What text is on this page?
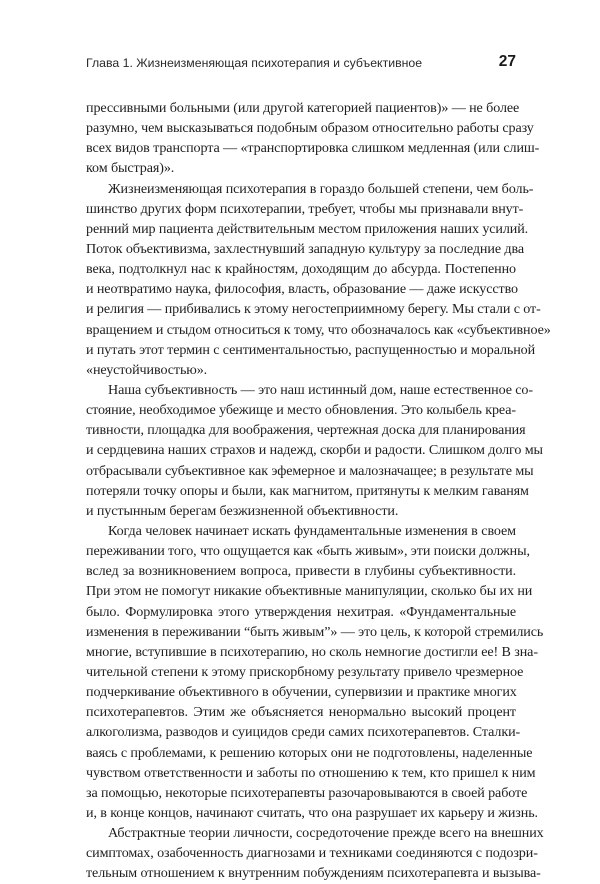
Глава 1. Жизнеизменяющая психотерапия и субъективное	27
прессивными больными (или другой категорией пациентов)» — не более
разумно, чем высказываться подобным образом относительно работы сразу
всех видов транспорта — «транспортировка слишком медленная (или слиш-
ком быстрая)».
Жизнеизменяющая психотерапия в гораздо большей степени, чем боль-
шинство других форм психотерапии, требует, чтобы мы признавали внут-
ренний мир пациента действительным местом приложения наших усилий.
Поток объективизма, захлестнувший западную культуру за последние два
века, подтолкнул нас к крайностям, доходящим до абсурда. Постепенно
и неотвратимо наука, философия, власть, образование — даже искусство
и религия — прибивались к этому негостеприимному берегу. Мы стали с от-
вращением и стыдом относиться к тому, что обозначалось как «субъективное»
и путать этот термин с сентиментальностью, распущенностью и моральной
«неустойчивостью».
Наша субъективность — это наш истинный дом, наше естественное со-
стояние, необходимое убежище и место обновления. Это колыбель креа-
тивности, площадка для воображения, чертежная доска для планирования
и сердцевина наших страхов и надежд, скорби и радости. Слишком долго мы
отбрасывали субъективное как эфемерное и малозначащее; в результате мы
потеряли точку опоры и были, как магнитом, притянуты к мелким гаваням
и пустынным берегам безжизненной объективности.
Когда человек начинает искать фундаментальные изменения в своем
переживании того, что ощущается как «быть живым», эти поиски должны,
вслед за возникновением вопроса, привести в глубины субъективности.
При этом не помогут никакие объективные манипуляции, сколько бы их ни
было. Формулировка этого утверждения нехитрая. «Фундаментальные
изменения в переживании “быть живым”» — это цель, к которой стремились
многие, вступившие в психотерапию, но сколь немногие достигли ее! В зна-
чительной степени к этому прискорбному результату привело чрезмерное
подчеркивание объективного в обучении, супервизии и практике многих
психотерапевтов. Этим же объясняется ненормально высокий процент
алкоголизма, разводов и суицидов среди самих психотерапевтов. Сталки-
ваясь с проблемами, к решению которых они не подготовлены, наделенные
чувством ответственности и заботы по отношению к тем, кто пришел к ним
за помощью, некоторые психотерапевты разочаровываются в своей работе
и, в конце концов, начинают считать, что она разрушает их карьеру и жизнь.
Абстрактные теории личности, сосредоточение прежде всего на внешних
симптомах, озабоченность диагнозами и техниками соединяются с подозри-
тельным отношением к внутренним побуждениям психотерапевта и вызыва-
